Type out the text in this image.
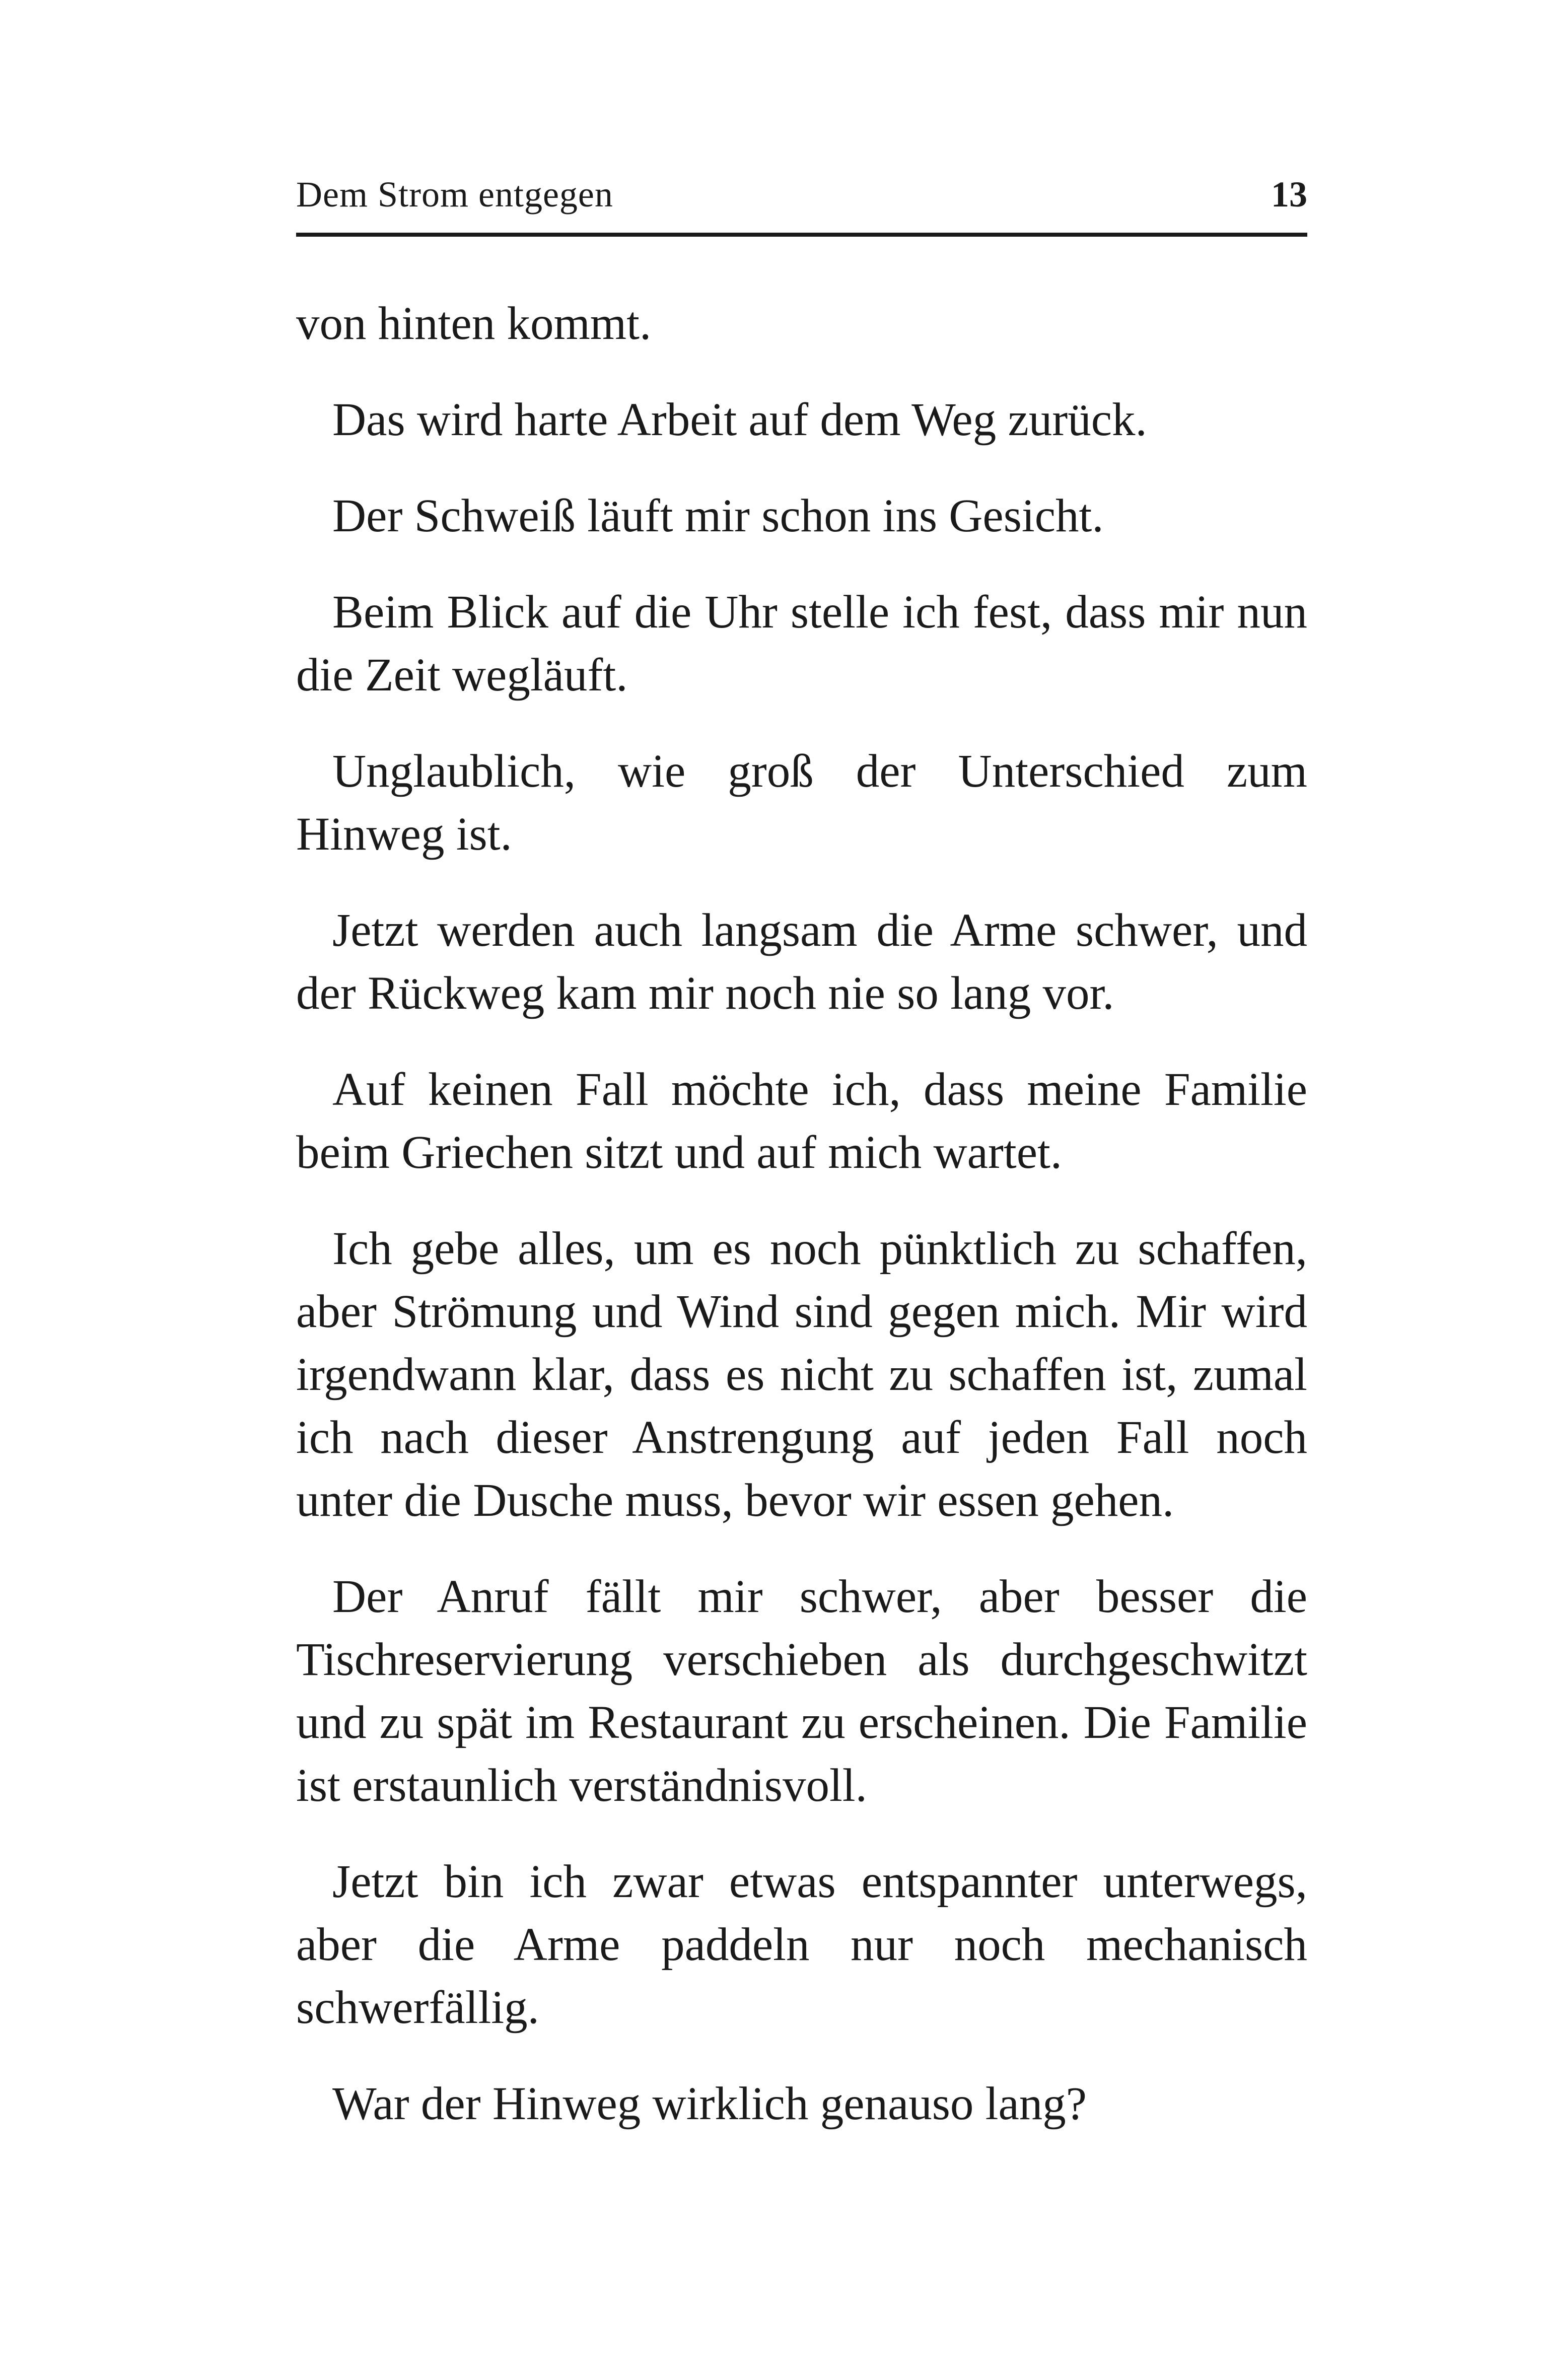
Dem Strom entgegen	13

von hinten kommt.

Das wird harte Arbeit auf dem Weg zurück.

Der Schweiß läuft mir schon ins Gesicht.

Beim Blick auf die Uhr stelle ich fest, dass mir nun die Zeit wegläuft.

Unglaublich, wie groß der Unterschied zum Hinweg ist.

Jetzt werden auch langsam die Arme schwer, und der Rückweg kam mir noch nie so lang vor.

Auf keinen Fall möchte ich, dass meine Familie beim Griechen sitzt und auf mich wartet.

Ich gebe alles, um es noch pünktlich zu schaffen, aber Strömung und Wind sind gegen mich. Mir wird irgendwann klar, dass es nicht zu schaffen ist, zumal ich nach dieser Anstrengung auf jeden Fall noch unter die Dusche muss, bevor wir essen gehen.

Der Anruf fällt mir schwer, aber besser die Tischreservierung verschieben als durchgeschwitzt und zu spät im Restaurant zu erscheinen. Die Familie ist erstaunlich verständnisvoll.

Jetzt bin ich zwar etwas entspannter unterwegs, aber die Arme paddeln nur noch mechanisch schwerfällig.

War der Hinweg wirklich genauso lang?
